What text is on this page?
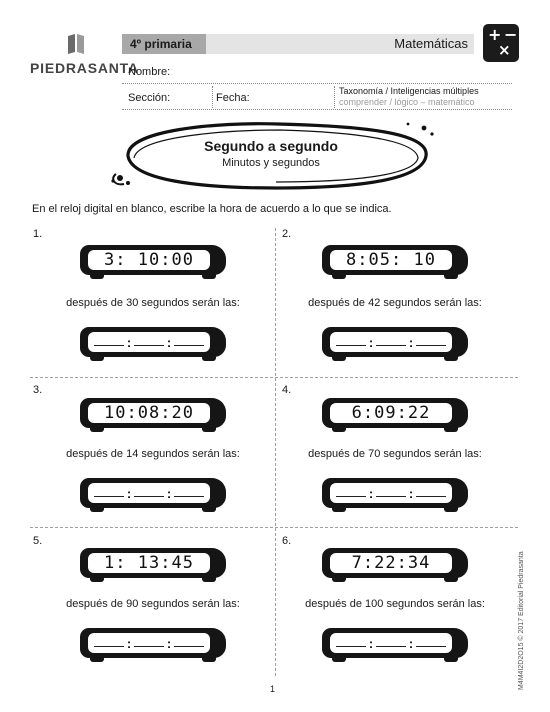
PIEDRASANTA
4º primaria	Matemáticas + −
×
Nombre:
Sección:	Fecha:
Taxonomía / Inteligencias múltiples
comprender / lógico – matemático
Segundo a segundo
Minutos y segundos
En el reloj digital en blanco, escribe la hora de acuerdo a lo que se indica.
1.
3: 10:00
después de 30 segundos serán las:
:	:
2.
8:05: 10
después de 42 segundos serán las:
:	:
3.
10:08:20
después de 14 segundos serán las:
:	:
4.
6:09:22
después de 70 segundos serán las:
:	:
5.
1: 13:45
después de 90 segundos serán las:
:	:
6.
7:22:34
después de 100 segundos serán las:
:	:
1	M4M4I2D2O15 © 2017 Editorial Piedrasanta
